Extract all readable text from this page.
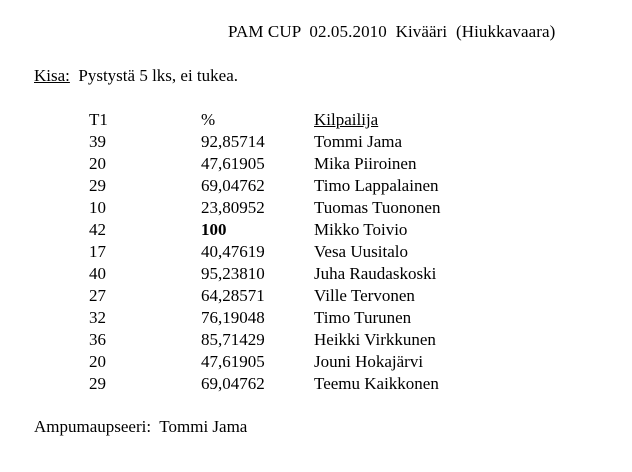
PAM CUP  02.05.2010  Kivääri  (Hiukkavaara)
Kisa: Pystystä 5 lks, ei tukea.
T1	%	Kilpailija
39	92,85714	Tommi Jama
20	47,61905	Mika Piiroinen
29	69,04762	Timo Lappalainen
10	23,80952	Tuomas Tuononen
42	100	Mikko Toivio
17	40,47619	Vesa Uusitalo
40	95,23810	Juha Raudaskoski
27	64,28571	Ville Tervonen
32	76,19048	Timo Turunen
36	85,71429	Heikki Virkkunen
20	47,61905	Jouni Hokajärvi
29	69,04762	Teemu Kaikkonen
Ampumaupseeri: Tommi Jama
